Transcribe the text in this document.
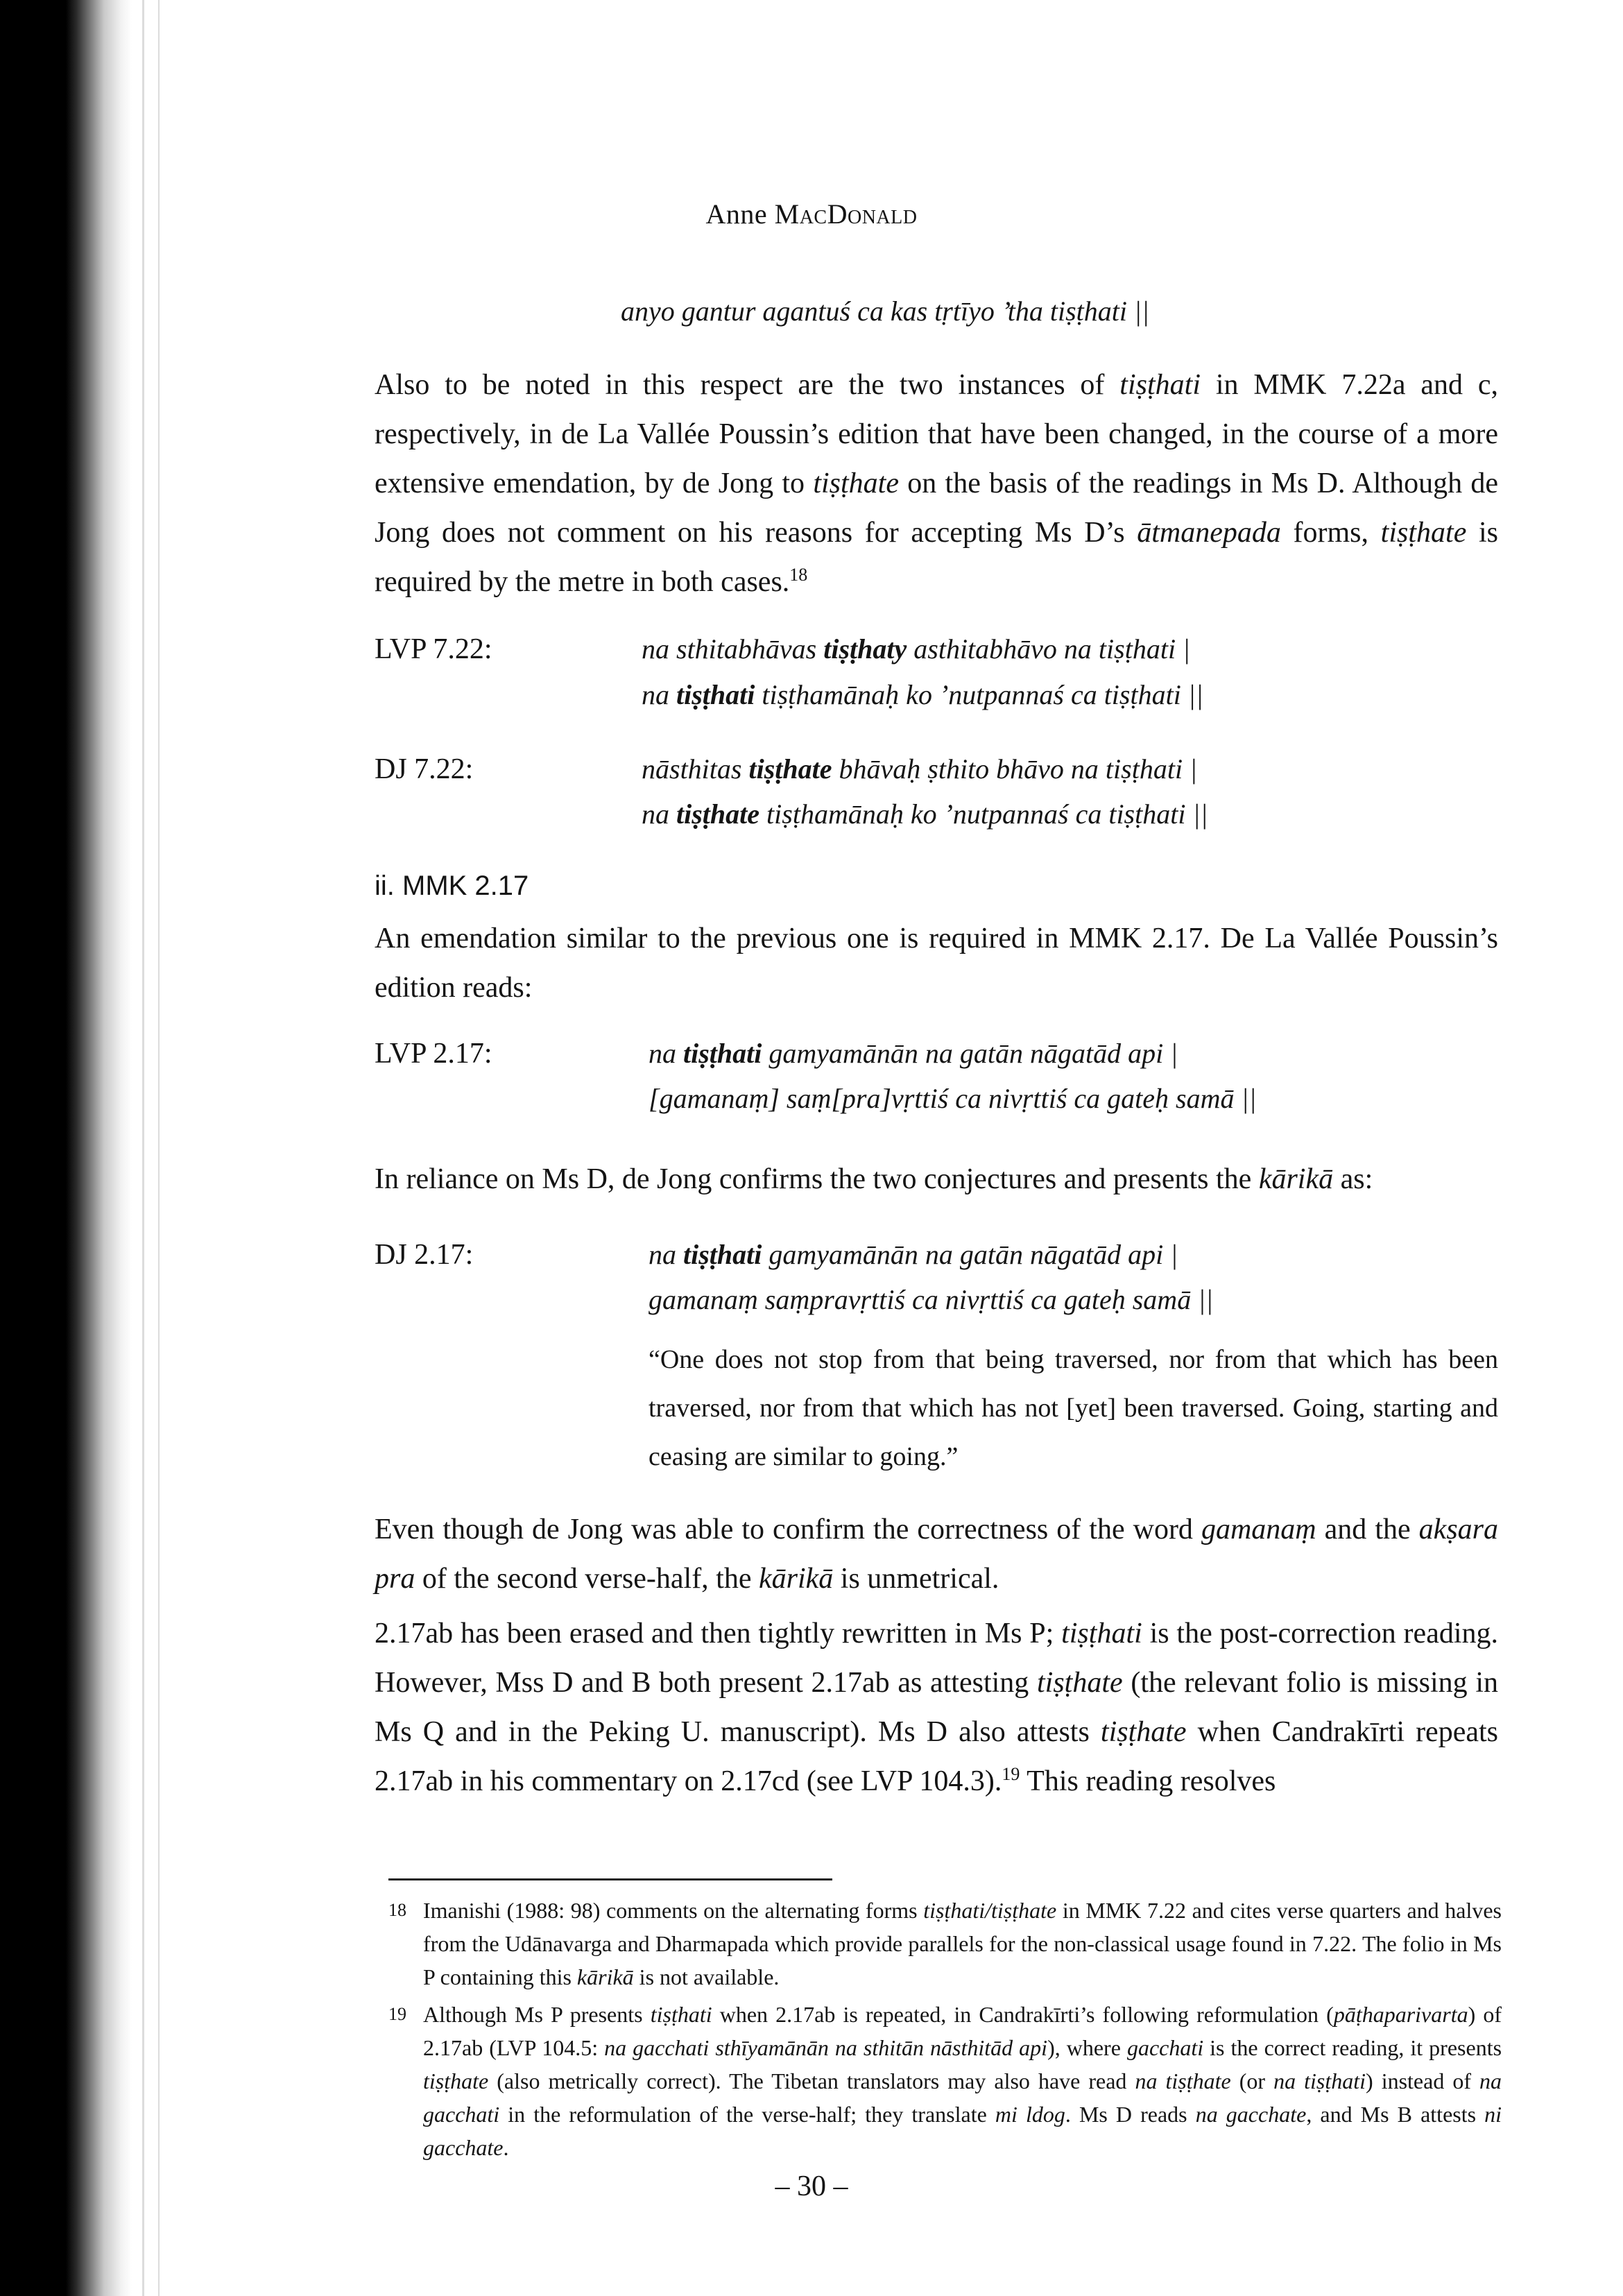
Anne MacDonald
anyo gantur agantuś ca kas tṛtīyo ’tha tiṣṭhati ||
Also to be noted in this respect are the two instances of tiṣṭhati in MMK 7.22a and c, respectively, in de La Vallée Poussin’s edition that have been changed, in the course of a more extensive emendation, by de Jong to tiṣṭhate on the basis of the readings in Ms D. Although de Jong does not comment on his reasons for accepting Ms D’s ātmanepada forms, tiṣṭhate is required by the metre in both cases.$^{18}$
LVP 7.22:	na sthitabhāvas tiṣṭhaty asthitabhāvo na tiṣṭhati |
na tiṣṭhati tiṣṭhamānaḥ ko ’nutpannaś ca tiṣṭhati ||
DJ 7.22:	nāsthitas tiṣṭhate bhāvaḥ ṣthito bhāvo na tiṣṭhati |
na tiṣṭhate tiṣṭhamānaḥ ko ’nutpannaś ca tiṣṭhati ||
ii. MMK 2.17
An emendation similar to the previous one is required in MMK 2.17. De La Vallée Poussin’s edition reads:
LVP 2.17:	na tiṣṭhati gamyamānān na gatān nāgatād api |
[gamanaṃ] saṃ[pra]vṛttiś ca nivṛttiś ca gateḥ samā ||
In reliance on Ms D, de Jong confirms the two conjectures and presents the kārikā as:
DJ 2.17:	na tiṣṭhati gamyamānān na gatān nāgatād api |
gamanaṃ saṃpravṛttiś ca nivṛttiś ca gateḥ samā ||
“One does not stop from that being traversed, nor from that which has been traversed, nor from that which has not [yet] been traversed. Going, starting and ceasing are similar to going.”
Even though de Jong was able to confirm the correctness of the word gamanaṃ and the akṣara pra of the second verse-half, the kārikā is unmetrical.
2.17ab has been erased and then tightly rewritten in Ms P; tiṣṭhati is the post-correction reading. However, Mss D and B both present 2.17ab as attesting tiṣṭhate (the relevant folio is missing in Ms Q and in the Peking U. manuscript). Ms D also attests tiṣṭhate when Candrakīrti repeats 2.17ab in his commentary on 2.17cd (see LVP 104.3).$^{19}$ This reading resolves
18 Imanishi (1988: 98) comments on the alternating forms tiṣṭhati/tiṣṭhate in MMK 7.22 and cites verse quarters and halves from the Udānavarga and Dharmapada which provide parallels for the non-classical usage found in 7.22. The folio in Ms P containing this kārikā is not available.
19 Although Ms P presents tiṣṭhati when 2.17ab is repeated, in Candrakīrti’s following reformulation (pāṭhaparivarta) of 2.17ab (LVP 104.5: na gacchati sthīyamānān na sthitān nāsthitād api), where gacchati is the correct reading, it presents tiṣṭhate (also metrically correct). The Tibetan translators may also have read na tiṣṭhate (or na tiṣṭhati) instead of na gacchati in the reformulation of the verse-half; they translate mi ldog. Ms D reads na gacchate, and Ms B attests ni gacchate.
– 30 –
